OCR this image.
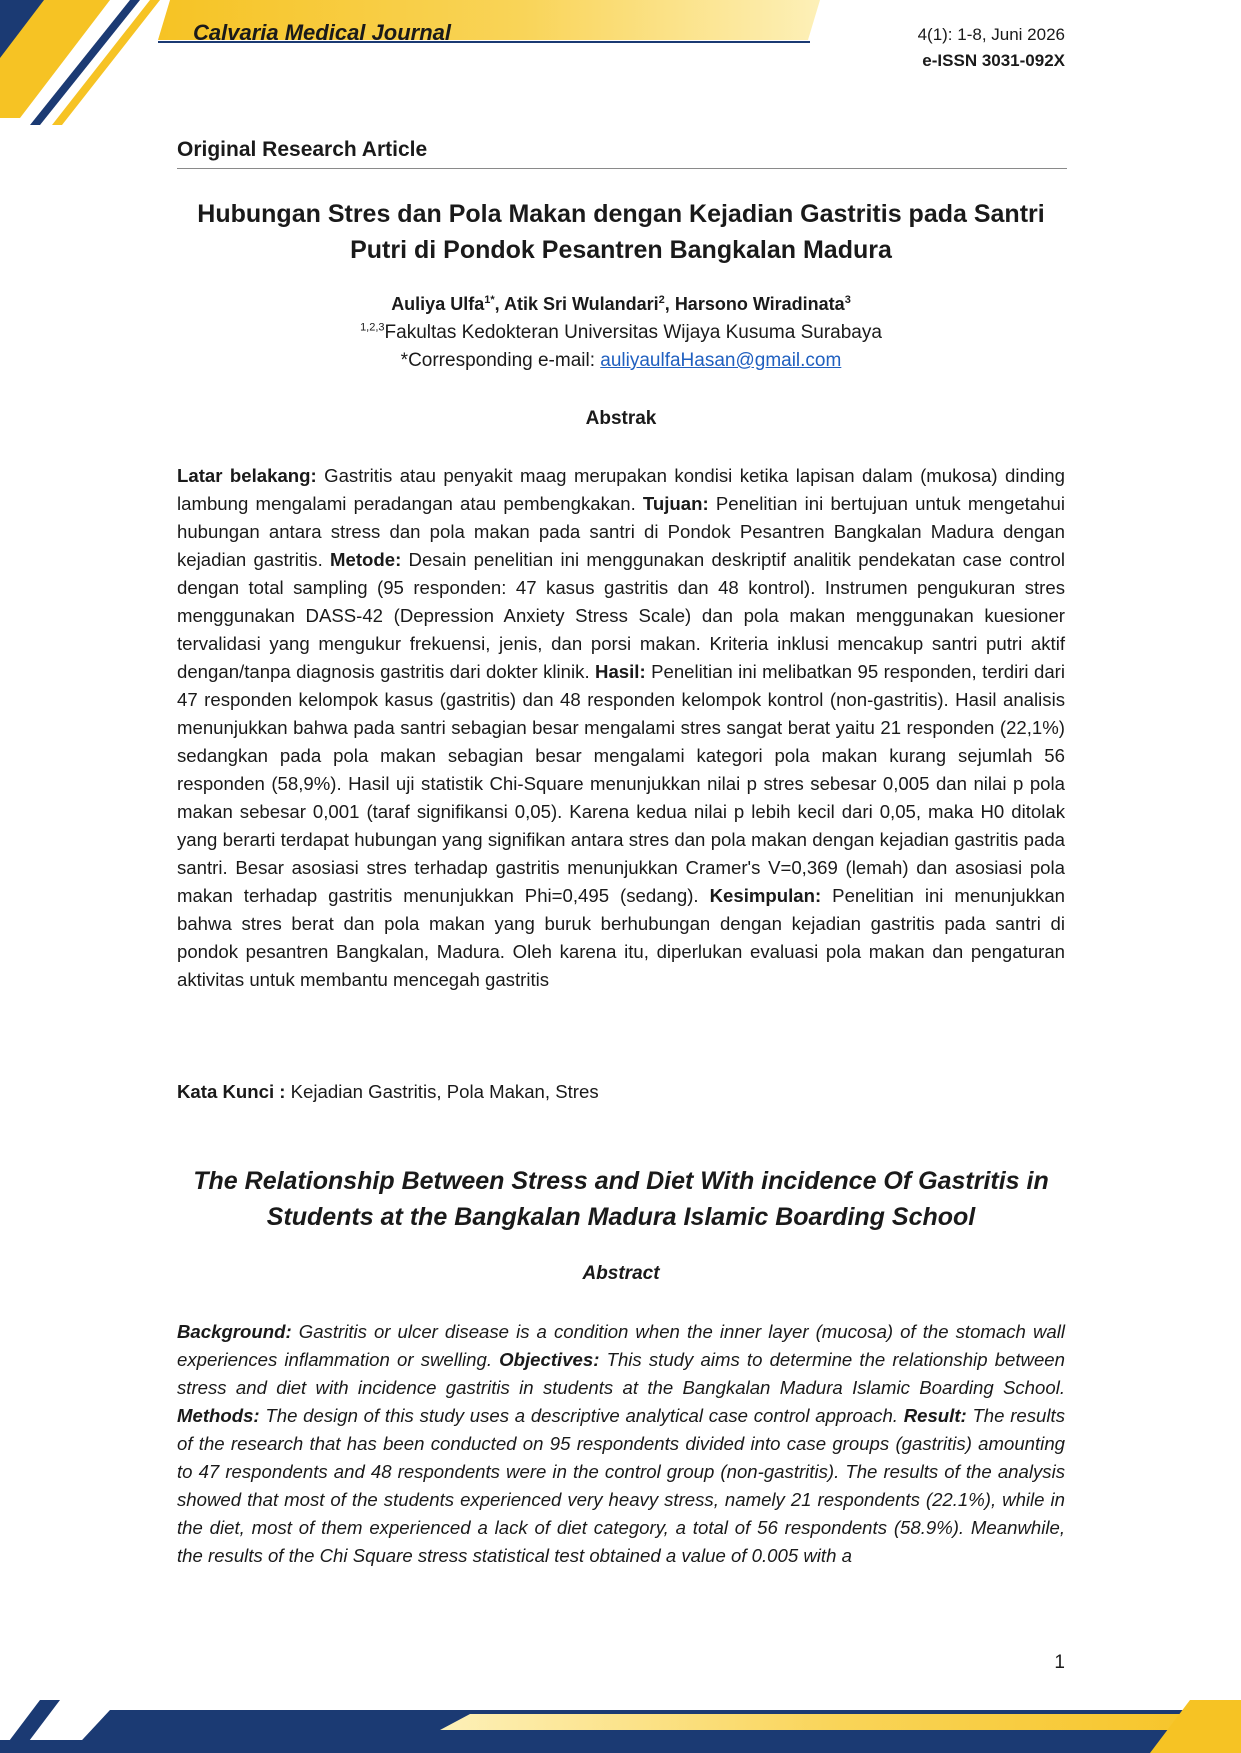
Calvaria Medical Journal	4(1): 1-8, Juni 2026
e-ISSN 3031-092X
Original Research Article
Hubungan Stres dan Pola Makan dengan Kejadian Gastritis pada Santri
Putri di Pondok Pesantren Bangkalan Madura
Auliya Ulfa$^{1*}$, Atik Sri Wulandari$^2$, Harsono Wiradinata$^3$
$^{1,2,3}$Fakultas Kedokteran Universitas Wijaya Kusuma Surabaya
*Corresponding e-mail: auliyaulfaHasan@gmail.com
Abstrak
Latar belakang: Gastritis atau penyakit maag merupakan kondisi ketika lapisan dalam (mukosa) dinding lambung mengalami peradangan atau pembengkakan. Tujuan: Penelitian ini bertujuan untuk mengetahui hubungan antara stress dan pola makan pada santri di Pondok Pesantren Bangkalan Madura dengan kejadian gastritis. Metode: Desain penelitian ini menggunakan deskriptif analitik pendekatan case control dengan total sampling (95 responden: 47 kasus gastritis dan 48 kontrol). Instrumen pengukuran stres menggunakan DASS-42 (Depression Anxiety Stress Scale) dan pola makan menggunakan kuesioner tervalidasi yang mengukur frekuensi, jenis, dan porsi makan. Kriteria inklusi mencakup santri putri aktif dengan/tanpa diagnosis gastritis dari dokter klinik. Hasil: Penelitian ini melibatkan 95 responden, terdiri dari 47 responden kelompok kasus (gastritis) dan 48 responden kelompok kontrol (non-gastritis). Hasil analisis menunjukkan bahwa pada santri sebagian besar mengalami stres sangat berat yaitu 21 responden (22,1%) sedangkan pada pola makan sebagian besar mengalami kategori pola makan kurang sejumlah 56 responden (58,9%). Hasil uji statistik Chi-Square menunjukkan nilai p stres sebesar 0,005 dan nilai p pola makan sebesar 0,001 (taraf signifikansi 0,05). Karena kedua nilai p lebih kecil dari 0,05, maka H0 ditolak yang berarti terdapat hubungan yang signifikan antara stres dan pola makan dengan kejadian gastritis pada santri. Besar asosiasi stres terhadap gastritis menunjukkan Cramer's V=0,369 (lemah) dan asosiasi pola makan terhadap gastritis menunjukkan Phi=0,495 (sedang). Kesimpulan: Penelitian ini menunjukkan bahwa stres berat dan pola makan yang buruk berhubungan dengan kejadian gastritis pada santri di pondok pesantren Bangkalan, Madura. Oleh karena itu, diperlukan evaluasi pola makan dan pengaturan aktivitas untuk membantu mencegah gastritis
Kata Kunci : Kejadian Gastritis, Pola Makan, Stres
The Relationship Between Stress and Diet With incidence Of Gastritis in
Students at the Bangkalan Madura Islamic Boarding School
Abstract
Background: Gastritis or ulcer disease is a condition when the inner layer (mucosa) of the stomach wall experiences inflammation or swelling. Objectives: This study aims to determine the relationship between stress and diet with incidence gastritis in students at the Bangkalan Madura Islamic Boarding School. Methods: The design of this study uses a descriptive analytical case control approach. Result: The results of the research that has been conducted on 95 respondents divided into case groups (gastritis) amounting to 47 respondents and 48 respondents were in the control group (non-gastritis). The results of the analysis showed that most of the students experienced very heavy stress, namely 21 respondents (22.1%), while in the diet, most of them experienced a lack of diet category, a total of 56 respondents (58.9%). Meanwhile, the results of the Chi Square stress statistical test obtained a value of 0.005 with a
1
